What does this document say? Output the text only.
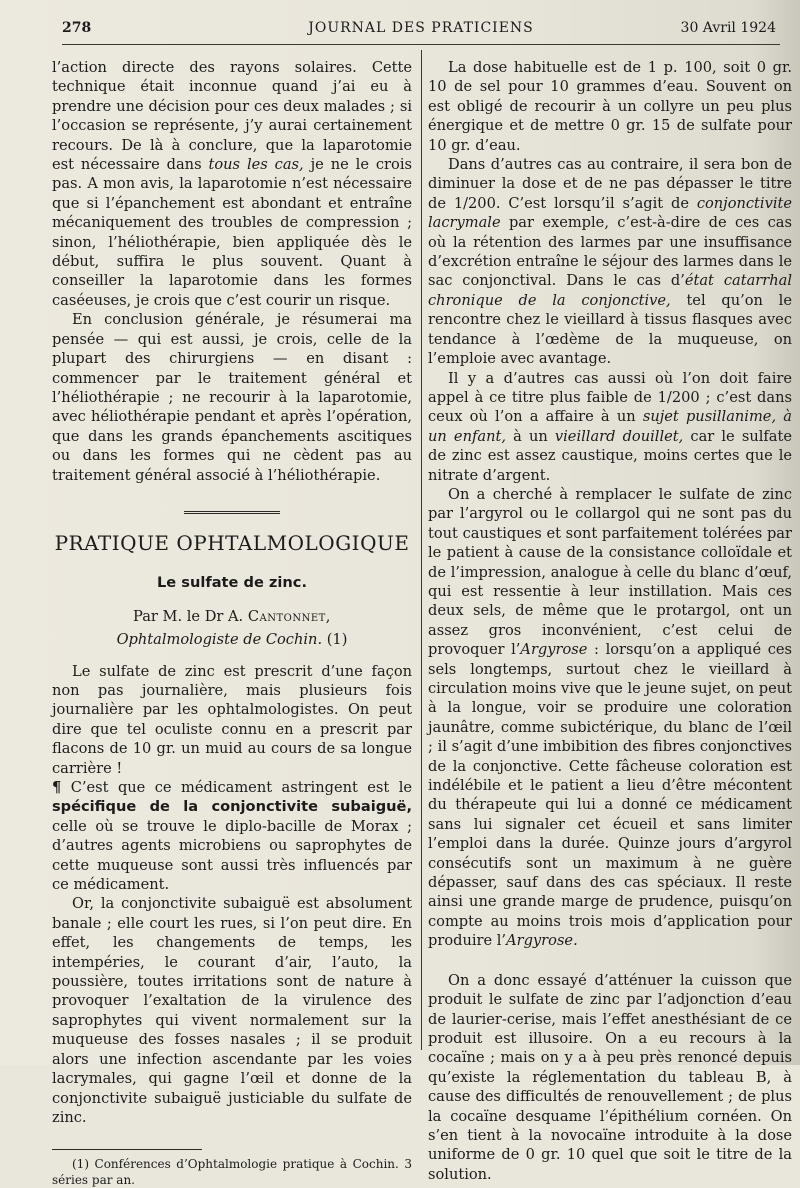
278	JOURNAL DES PRATICIENS	30 Avril 1924

l’action directe des rayons solaires. Cette technique était inconnue quand j’ai eu à prendre une décision pour ces deux malades ; si l’occasion se représente, j’y aurai certainement recours. De là à conclure, que la laparotomie est nécessaire dans tous les cas, je ne le crois pas. A mon avis, la laparotomie n’est nécessaire que si l’épanchement est abondant et entraîne mécaniquement des troubles de compression ; sinon, l’héliothérapie, bien appliquée dès le début, suffira le plus souvent. Quant à conseiller la laparotomie dans les formes caséeuses, je crois que c’est courir un risque.

En conclusion générale, je résumerai ma pensée — qui est aussi, je crois, celle de la plupart des chirurgiens — en disant : commencer par le traitement général et l’héliothérapie ; ne recourir à la laparotomie, avec héliothérapie pendant et après l’opération, que dans les grands épanchements ascitiques ou dans les formes qui ne cèdent pas au traitement général associé à l’héliothérapie.

PRATIQUE OPHTALMOLOGIQUE
Le sulfate de zinc.
Par M. le Dr A. Cantonnet,
Ophtalmologiste de Cochin. (1)

Le sulfate de zinc est prescrit d’une façon non pas journalière, mais plusieurs fois journalière par les ophtalmologistes. On peut dire que tel oculiste connu en a prescrit par flacons de 10 gr. un muid au cours de sa longue carrière !

¶ C’est que ce médicament astringent est le spécifique de la conjonctivite subaiguë, celle où se trouve le diplo-bacille de Morax ; d’autres agents microbiens ou saprophytes de cette muqueuse sont aussi très influencés par ce médicament.

Or, la conjonctivite subaiguë est absolument banale ; elle court les rues, si l’on peut dire. En effet, les changements de temps, les intempéries, le courant d’air, l’auto, la poussière, toutes irritations sont de nature à provoquer l’exaltation de la virulence des saprophytes qui vivent normalement sur la muqueuse des fosses nasales ; il se produit alors une infection ascendante par les voies lacrymales, qui gagne l’œil et donne de la conjonctivite subaiguë justiciable du sulfate de zinc.

(1) Conférences d’Ophtalmologie pratique à Cochin. 3 séries par an.

La dose habituelle est de 1 p. 100, soit 0 gr. 10 de sel pour 10 grammes d’eau. Souvent on est obligé de recourir à un collyre un peu plus énergique et de mettre 0 gr. 15 de sulfate pour 10 gr. d’eau.

Dans d’autres cas au contraire, il sera bon de diminuer la dose et de ne pas dépasser le titre de 1/200. C’est lorsqu’il s’agit de conjonctivite lacrymale par exemple, c’est-à-dire de ces cas où la rétention des larmes par une insuffisance d’excrétion entraîne le séjour des larmes dans le sac conjonctival. Dans le cas d’état catarrhal chronique de la conjonctive, tel qu’on le rencontre chez le vieillard à tissus flasques avec tendance à l’œdème de la muqueuse, on l’emploie avec avantage.

Il y a d’autres cas aussi où l’on doit faire appel à ce titre plus faible de 1/200 ; c’est dans ceux où l’on a affaire à un sujet pusillanime, à un enfant, à un vieillard douillet, car le sulfate de zinc est assez caustique, moins certes que le nitrate d’argent.

On a cherché à remplacer le sulfate de zinc par l’argyrol ou le collargol qui ne sont pas du tout caustiques et sont parfaitement tolérées par le patient à cause de la consistance colloïdale et de l’impression, analogue à celle du blanc d’œuf, qui est ressentie à leur instillation. Mais ces deux sels, de même que le protargol, ont un assez gros inconvénient, c’est celui de provoquer l’Argyrose : lorsqu’on a appliqué ces sels longtemps, surtout chez le vieillard à circulation moins vive que le jeune sujet, on peut à la longue, voir se produire une coloration jaunâtre, comme subictérique, du blanc de l’œil ; il s’agit d’une imbibition des fibres conjonctives de la conjonctive. Cette fâcheuse coloration est indélébile et le patient a lieu d’être mécontent du thérapeute qui lui a donné ce médicament sans lui signaler cet écueil et sans limiter l’emploi dans la durée. Quinze jours d’argyrol consécutifs sont un maximum à ne guère dépasser, sauf dans des cas spéciaux. Il reste ainsi une grande marge de prudence, puisqu’on compte au moins trois mois d’application pour produire l’Argyrose.

On a donc essayé d’atténuer la cuisson que produit le sulfate de zinc par l’adjonction d’eau de laurier-cerise, mais l’effet anesthésiant de ce produit est illusoire. On a eu recours à la cocaïne ; mais on y a à peu près renoncé depuis qu’existe la réglementation du tableau B, à cause des difficultés de renouvellement ; de plus la cocaïne desquame l’épithélium cornéen. On s’en tient à la novocaïne introduite à la dose uniforme de 0 gr. 10 quel que soit le titre de la solution.
